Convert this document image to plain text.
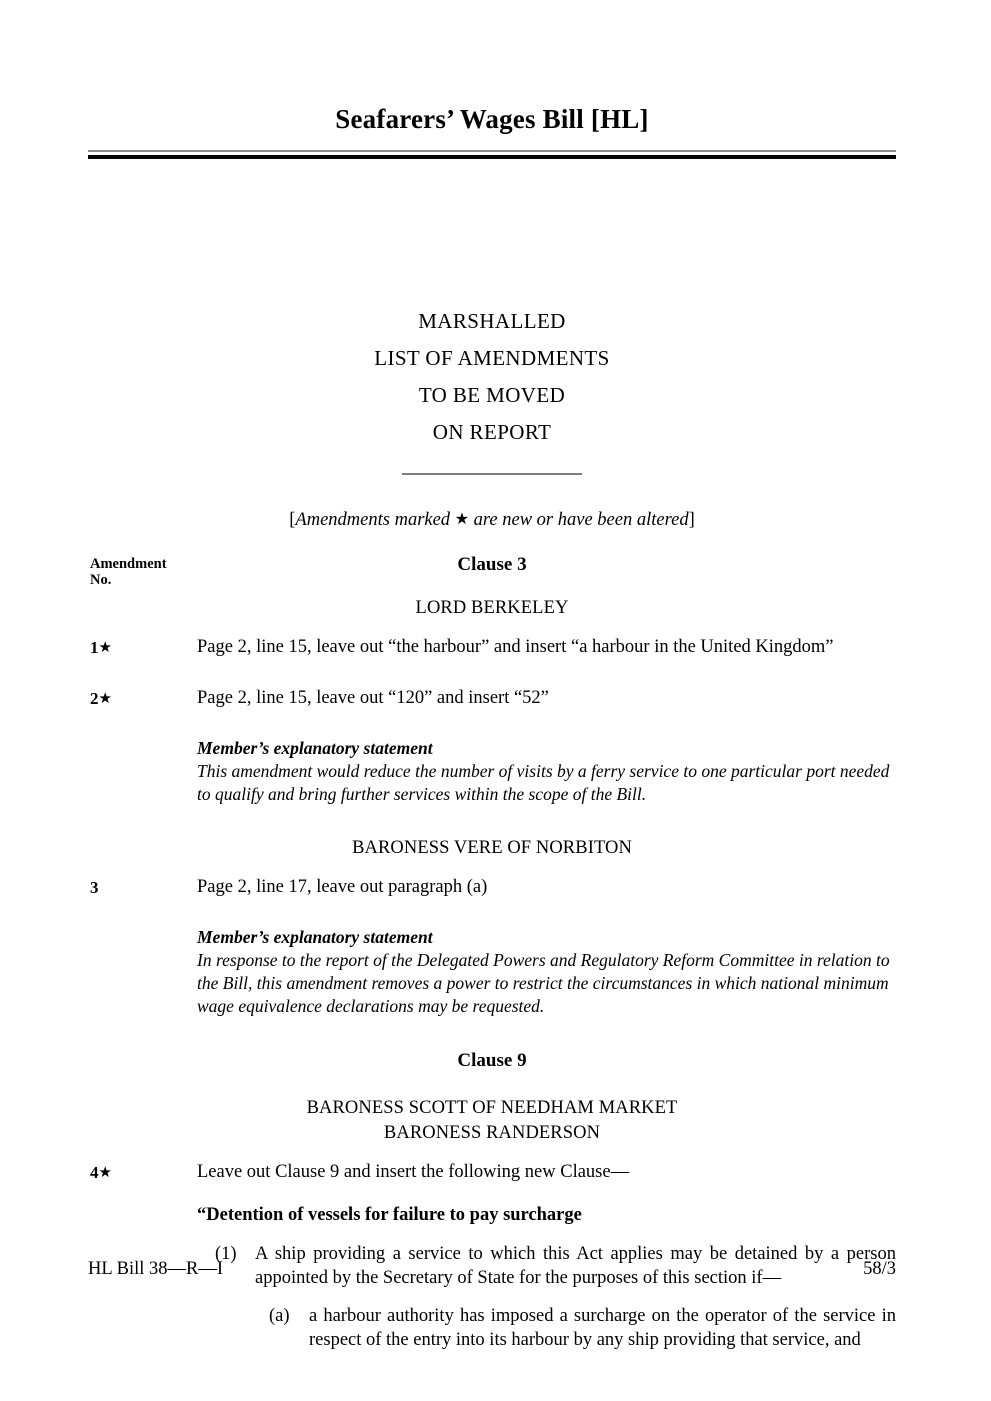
Seafarers’ Wages Bill [HL]
MARSHALLED
LIST OF AMENDMENTS
TO BE MOVED
ON REPORT
[Amendments marked ★ are new or have been altered]
Amendment
No.
Clause 3
LORD BERKELEY
1★	Page 2, line 15, leave out “the harbour” and insert “a harbour in the United Kingdom”
2★	Page 2, line 15, leave out “120” and insert “52”
Member’s explanatory statement
This amendment would reduce the number of visits by a ferry service to one particular port needed to qualify and bring further services within the scope of the Bill.
BARONESS VERE OF NORBITON
3	Page 2, line 17, leave out paragraph (a)
Member’s explanatory statement
In response to the report of the Delegated Powers and Regulatory Reform Committee in relation to the Bill, this amendment removes a power to restrict the circumstances in which national minimum wage equivalence declarations may be requested.
Clause 9
BARONESS SCOTT OF NEEDHAM MARKET
BARONESS RANDERSON
4★	Leave out Clause 9 and insert the following new Clause—
“Detention of vessels for failure to pay surcharge
(1) A ship providing a service to which this Act applies may be detained by a person appointed by the Secretary of State for the purposes of this section if—
(a) a harbour authority has imposed a surcharge on the operator of the service in respect of the entry into its harbour by any ship providing that service, and
HL Bill 38—R—I	58/3
